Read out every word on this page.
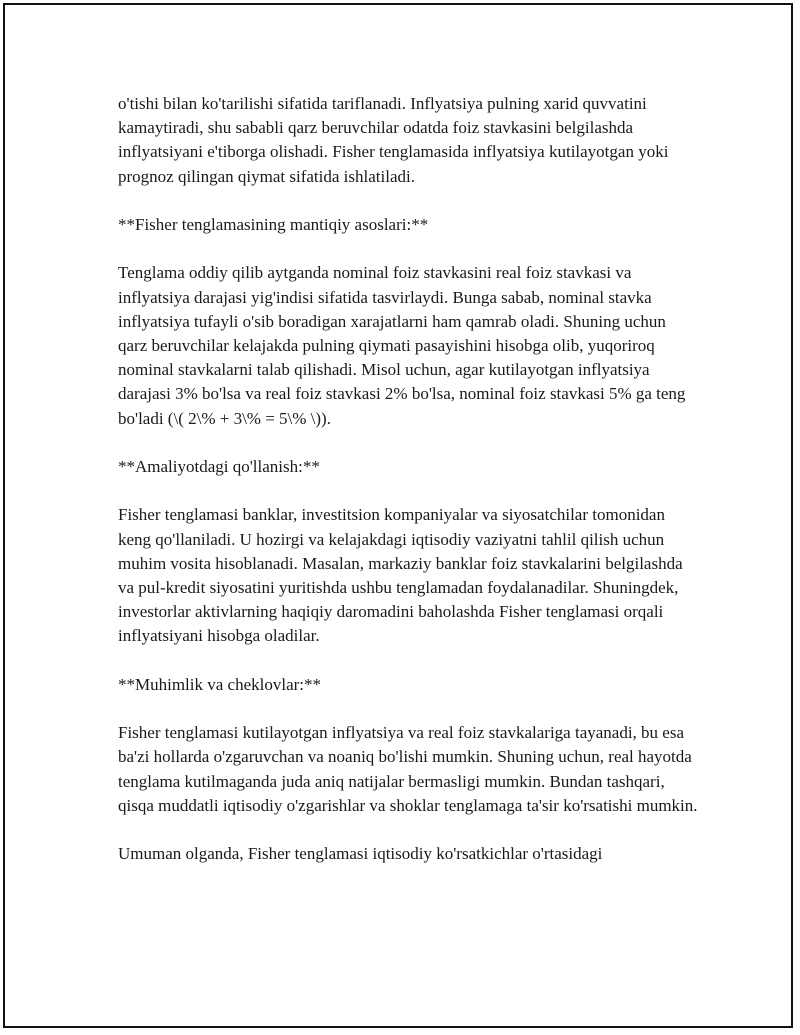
o'tishi bilan ko'tarilishi sifatida tariflanadi. Inflyatsiya pulning xarid quvvatini kamaytiradi, shu sababli qarz beruvchilar odatda foiz stavkasini belgilashda inflyatsiyani e'tiborga olishadi. Fisher tenglamasida inflyatsiya kutilayotgan yoki prognoz qilingan qiymat sifatida ishlatiladi.

**Fisher tenglamasining mantiqiy asoslari:**

Tenglama oddiy qilib aytganda nominal foiz stavkasini real foiz stavkasi va inflyatsiya darajasi yig'indisi sifatida tasvirlaydi. Bunga sabab, nominal stavka inflyatsiya tufayli o'sib boradigan xarajatlarni ham qamrab oladi. Shuning uchun qarz beruvchilar kelajakda pulning qiymati pasayishini hisobga olib, yuqoriroq nominal stavkalarni talab qilishadi. Misol uchun, agar kutilayotgan inflyatsiya darajasi 3% bo'lsa va real foiz stavkasi 2% bo'lsa, nominal foiz stavkasi 5% ga teng bo'ladi (\( 2\% + 3\% = 5\% \)).

**Amaliyotdagi qo'llanish:**

Fisher tenglamasi banklar, investitsion kompaniyalar va siyosatchilar tomonidan keng qo'llaniladi. U hozirgi va kelajakdagi iqtisodiy vaziyatni tahlil qilish uchun muhim vosita hisoblanadi. Masalan, markaziy banklar foiz stavkalarini belgilashda va pul-kredit siyosatini yuritishda ushbu tenglamadan foydalanadilar. Shuningdek, investorlar aktivlarning haqiqiy daromadini baholashda Fisher tenglamasi orqali inflyatsiyani hisobga oladilar.

**Muhimlik va cheklovlar:**

Fisher tenglamasi kutilayotgan inflyatsiya va real foiz stavkalariga tayanadi, bu esa ba'zi hollarda o'zgaruvchan va noaniq bo'lishi mumkin. Shuning uchun, real hayotda tenglama kutilmaganda juda aniq natijalar bermasligi mumkin. Bundan tashqari, qisqa muddatli iqtisodiy o'zgarishlar va shoklar tenglamaga ta'sir ko'rsatishi mumkin.

Umuman olganda, Fisher tenglamasi iqtisodiy ko'rsatkichlar o'rtasidagi
